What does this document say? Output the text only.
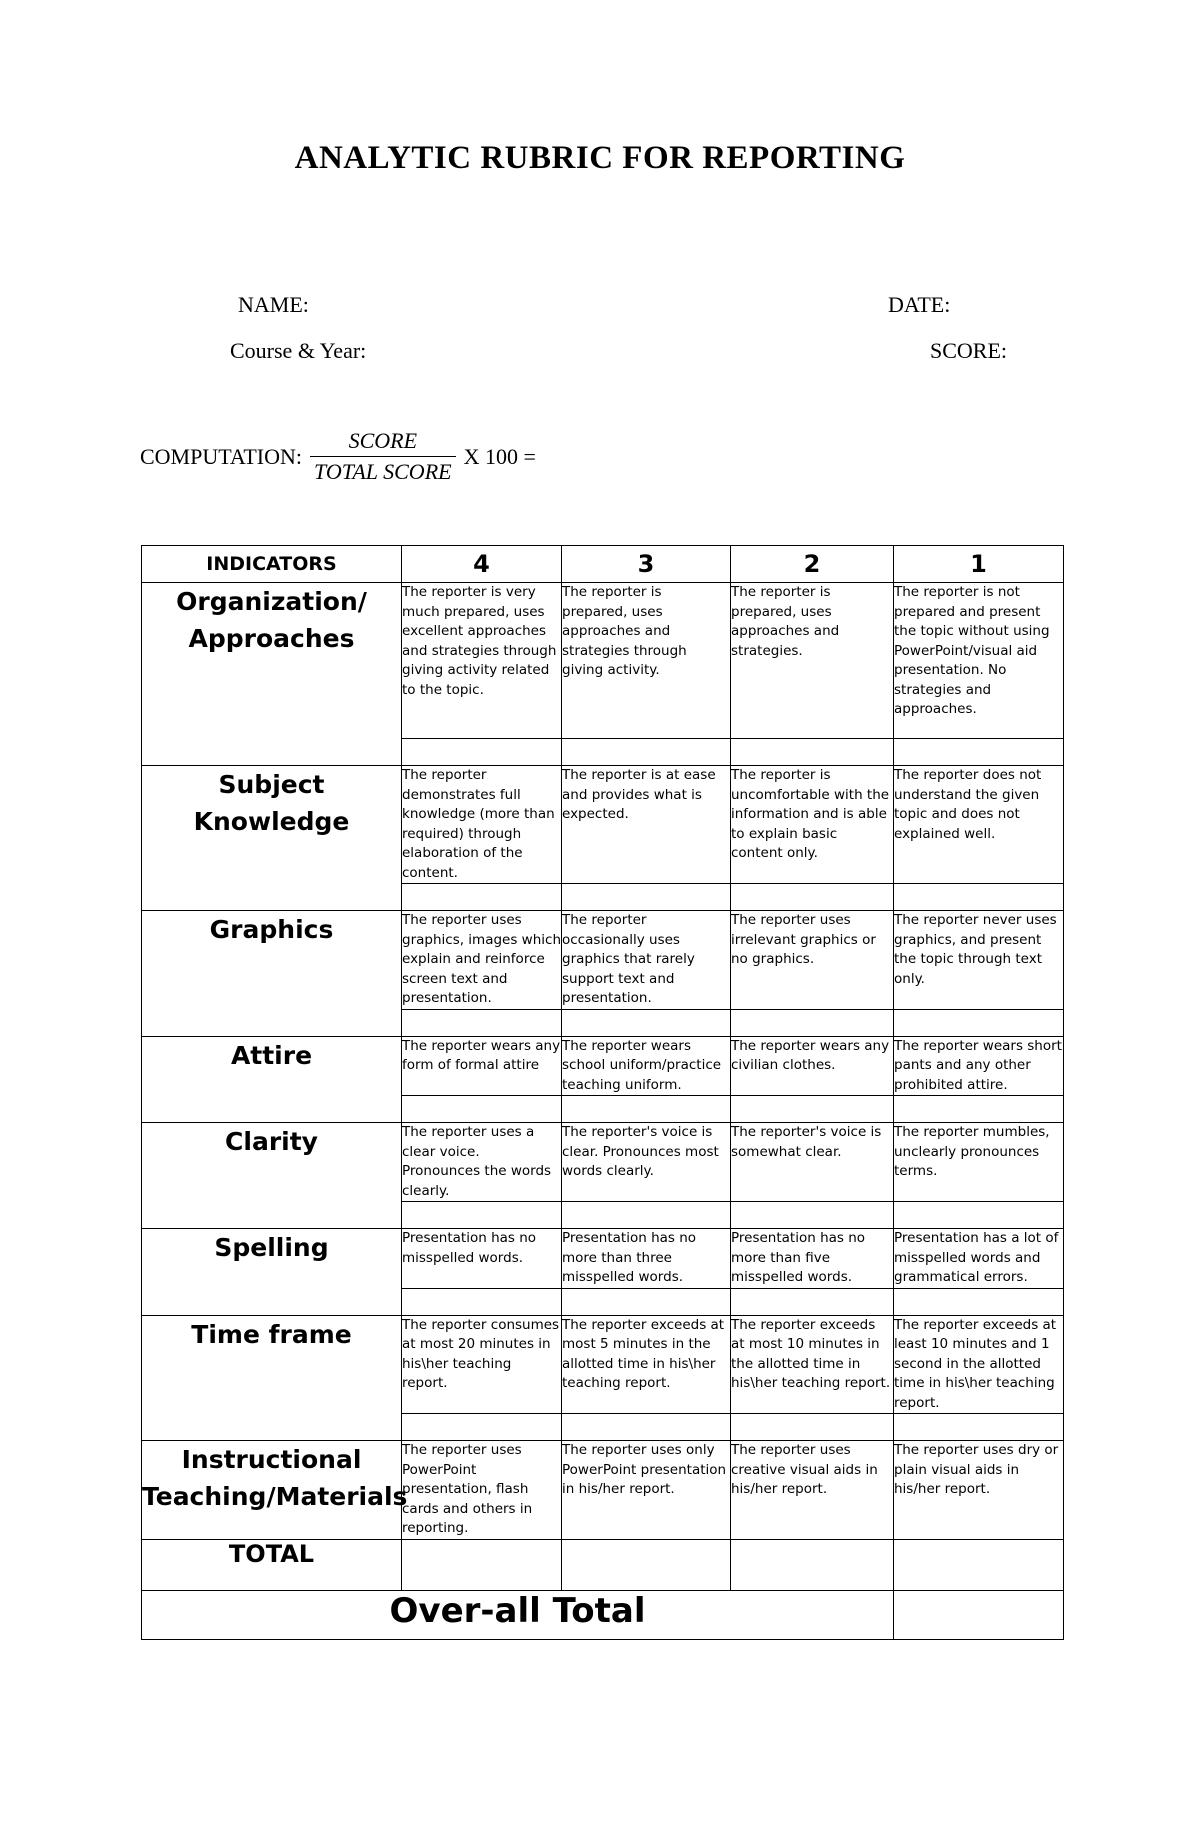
ANALYTIC RUBRIC FOR REPORTING
NAME:	DATE:
Course & Year:	SCORE:
COMPUTATION: $\frac{\text{SCORE}}{\text{TOTAL SCORE}}$ X 100 =
INDICATORS	4	3	2	1
Organization/ Approaches	The reporter is very much prepared, uses excellent approaches and strategies through giving activity related to the topic.	The reporter is prepared, uses approaches and strategies through giving activity.	The reporter is prepared, uses approaches and strategies.	The reporter is not prepared and present the topic without using PowerPoint/visual aid presentation. No strategies and approaches.

Subject Knowledge	The reporter demonstrates full knowledge (more than required) through elaboration of the content.	The reporter is at ease and provides what is expected.	The reporter is uncomfortable with the information and is able to explain basic content only.	The reporter does not understand the given topic and does not explained well.

Graphics	The reporter uses graphics, images which explain and reinforce screen text and presentation.	The reporter occasionally uses graphics that rarely support text and presentation.	The reporter uses irrelevant graphics or no graphics.	The reporter never uses graphics, and present the topic through text only.

Attire	The reporter wears any form of formal attire	The reporter wears school uniform/practice teaching uniform.	The reporter wears any civilian clothes.	The reporter wears short pants and any other prohibited attire.

Clarity	The reporter uses a clear voice. Pronounces the words clearly.	The reporter's voice is clear. Pronounces most words clearly.	The reporter's voice is somewhat clear.	The reporter mumbles, unclearly pronounces terms.

Spelling	Presentation has no misspelled words.	Presentation has no more than three misspelled words.	Presentation has no more than five misspelled words.	Presentation has a lot of misspelled words and grammatical errors.

Time frame	The reporter consumes at most 20 minutes in his\her teaching report.	The reporter exceeds at most 5 minutes in the allotted time in his\her teaching report.	The reporter exceeds at most 10 minutes in the allotted time in his\her teaching report.	The reporter exceeds at least 10 minutes and 1 second in the allotted time in his\her teaching report.

Instructional Teaching/Materials	The reporter uses PowerPoint presentation, flash cards and others in reporting.	The reporter uses only PowerPoint presentation in his/her report.	The reporter uses creative visual aids in his/her report.	The reporter uses dry or plain visual aids in his/her report.
TOTAL				
Over-all Total				
